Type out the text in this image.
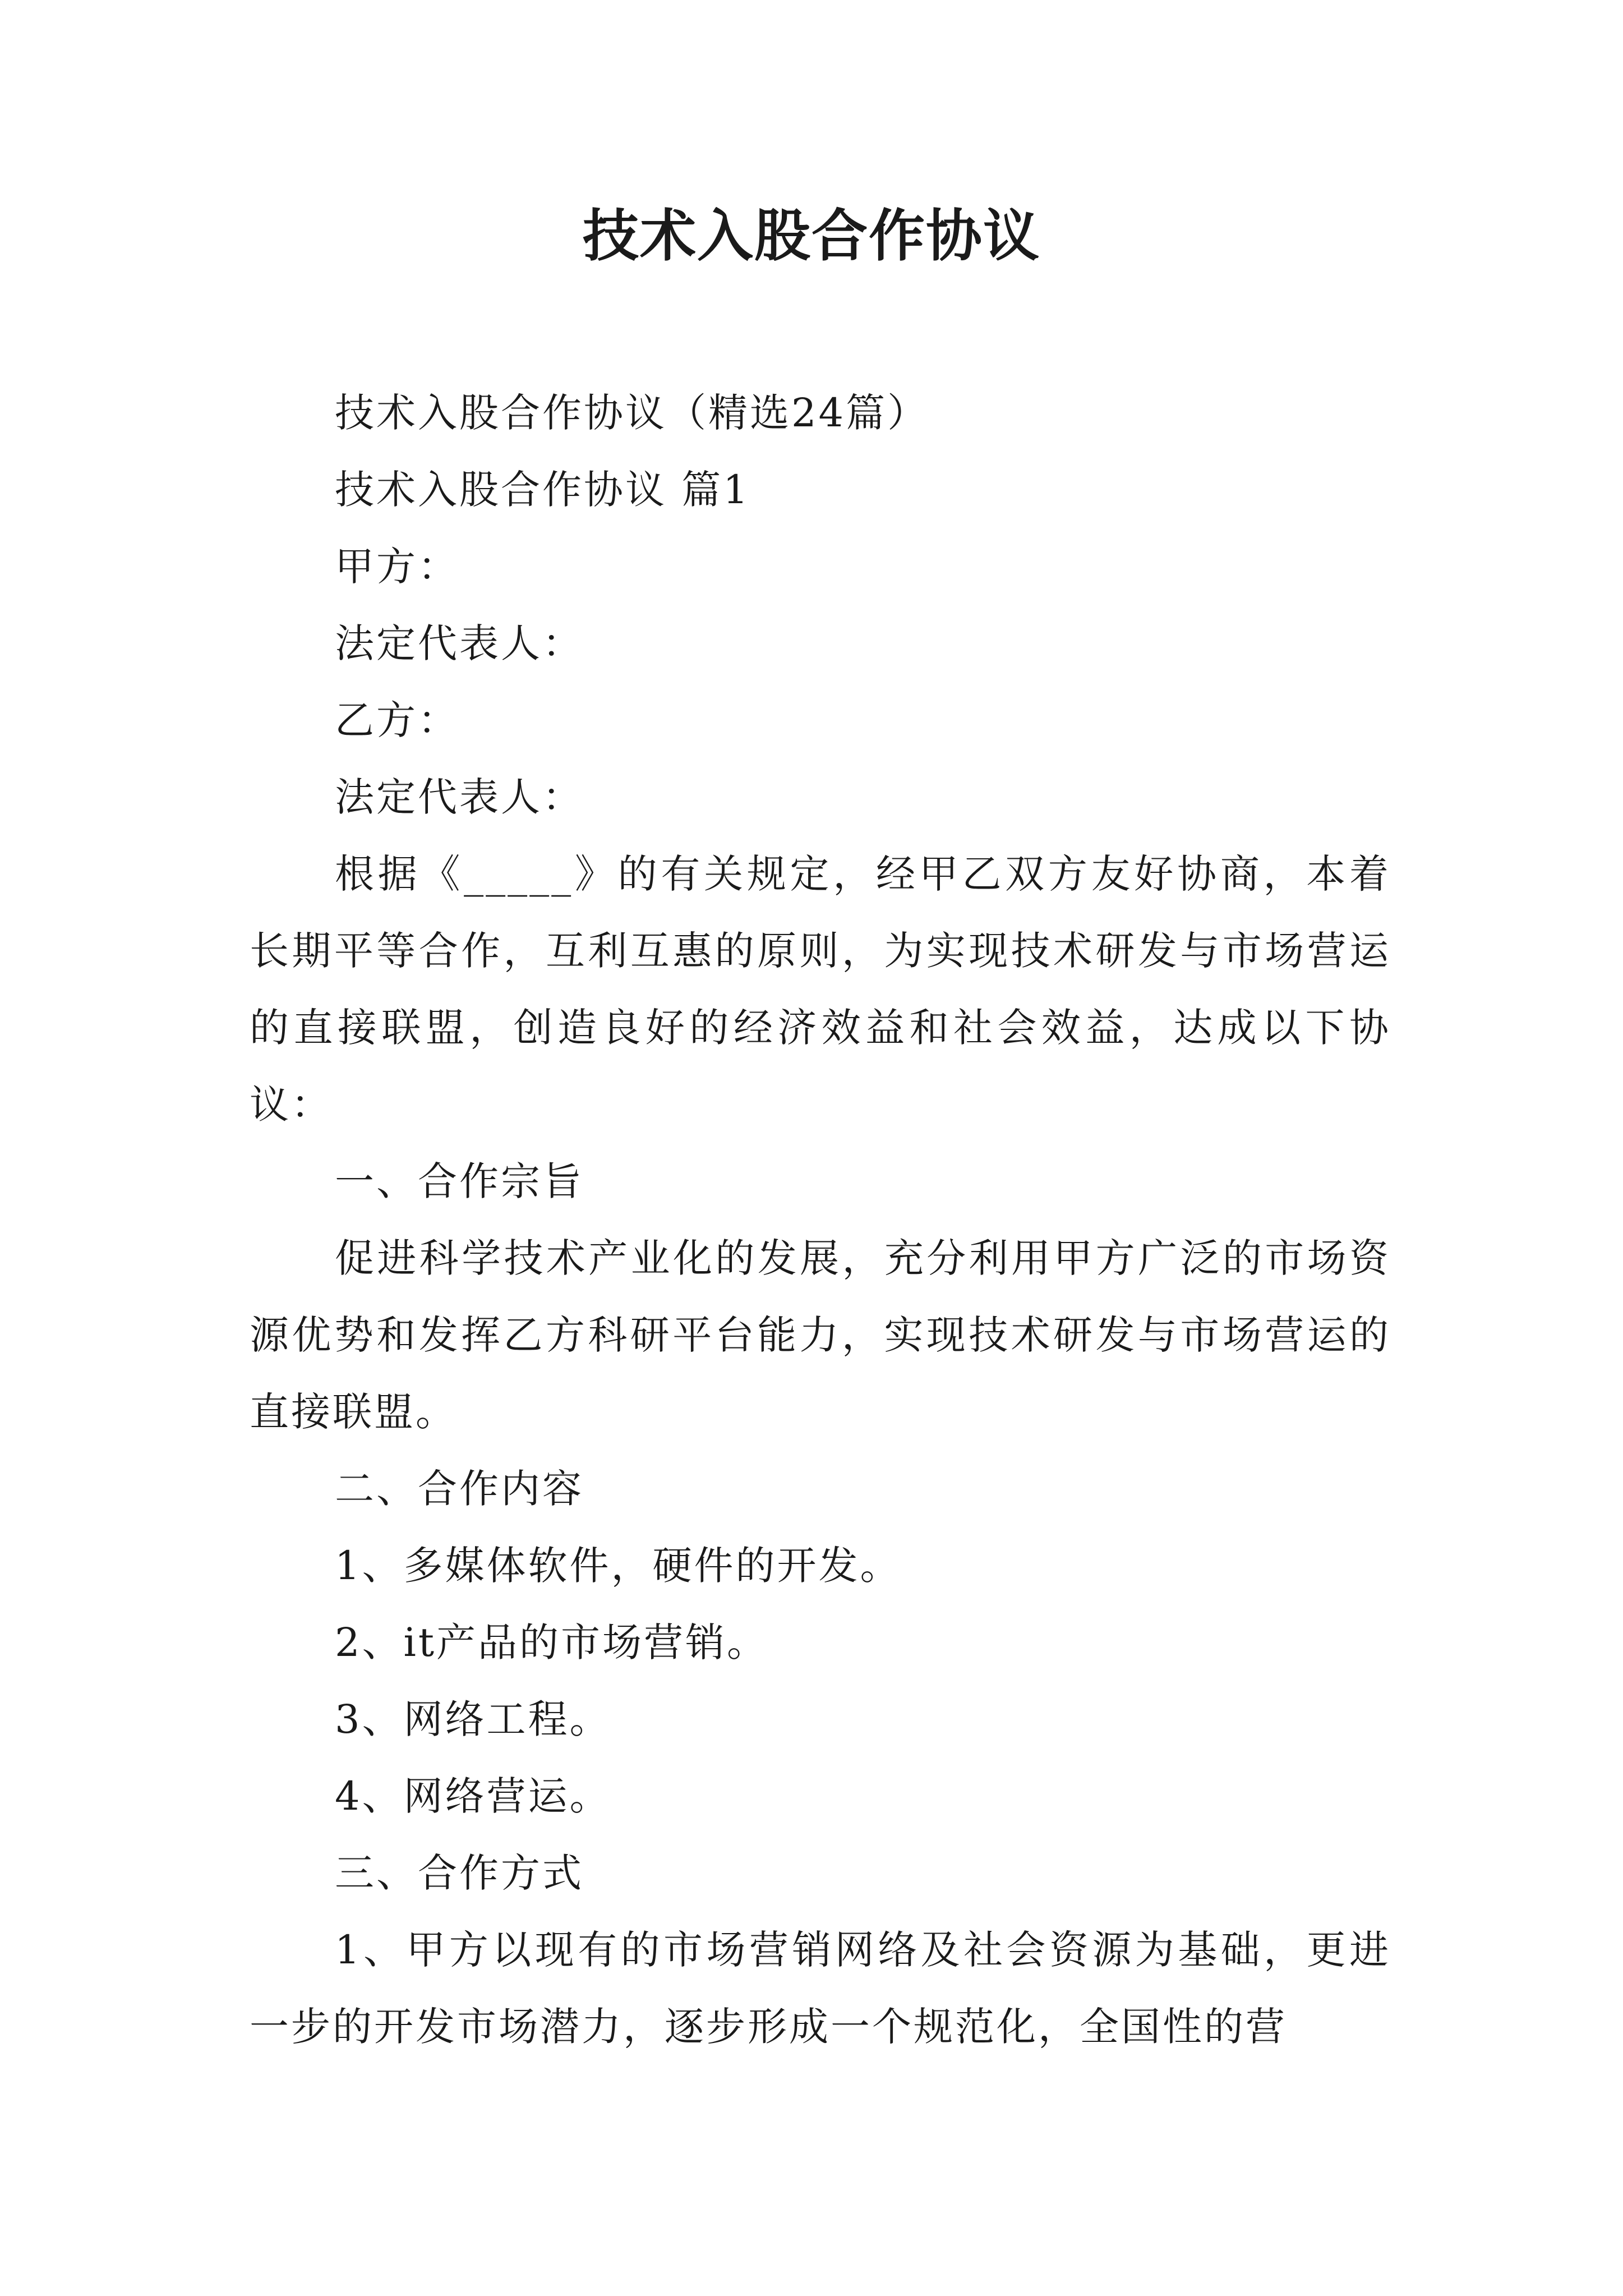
技术入股合作协议

技术入股合作协议（精选24篇）

技术入股合作协议 篇1

甲方：

法定代表人：

乙方：

法定代表人：

根据《_____》的有关规定，经甲乙双方友好协商，本着长期平等合作，互利互惠的原则，为实现技术研发与市场营运的直接联盟，创造良好的经济效益和社会效益，达成以下协议：

一、合作宗旨

促进科学技术产业化的发展，充分利用甲方广泛的市场资源优势和发挥乙方科研平台能力，实现技术研发与市场营运的直接联盟。

二、合作内容

1、多媒体软件，硬件的开发。

2、it产品的市场营销。

3、网络工程。

4、网络营运。

三、合作方式

1、甲方以现有的市场营销网络及社会资源为基础，更进一步的开发市场潜力，逐步形成一个规范化，全国性的营
